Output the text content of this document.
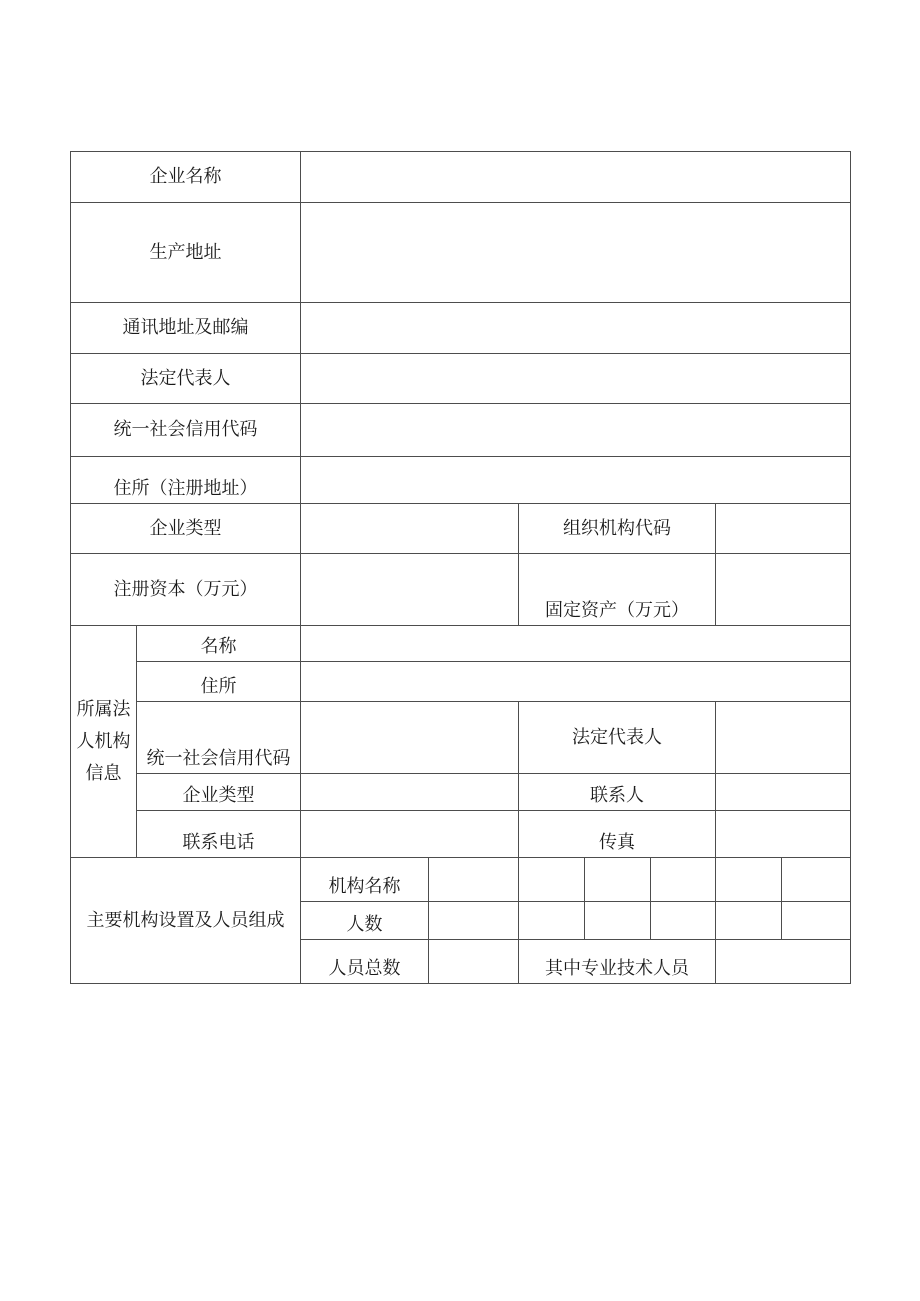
企业名称								
生产地址								
通讯地址及邮编								
法定代表人								
统一社会信用代码								
住所（注册地址）								
企业类型				组织机构代码				
注册资本（万元）				固定资产（万元）				

所属法
人机构
信息	名称							
	住所							
	统一社会信用代码			法定代表人				
	企业类型			联系人				
	联系电话			传真				

主要机构设置及人员组成		机构名称						
		人数						
		人员总数		其中专业技术人员				
